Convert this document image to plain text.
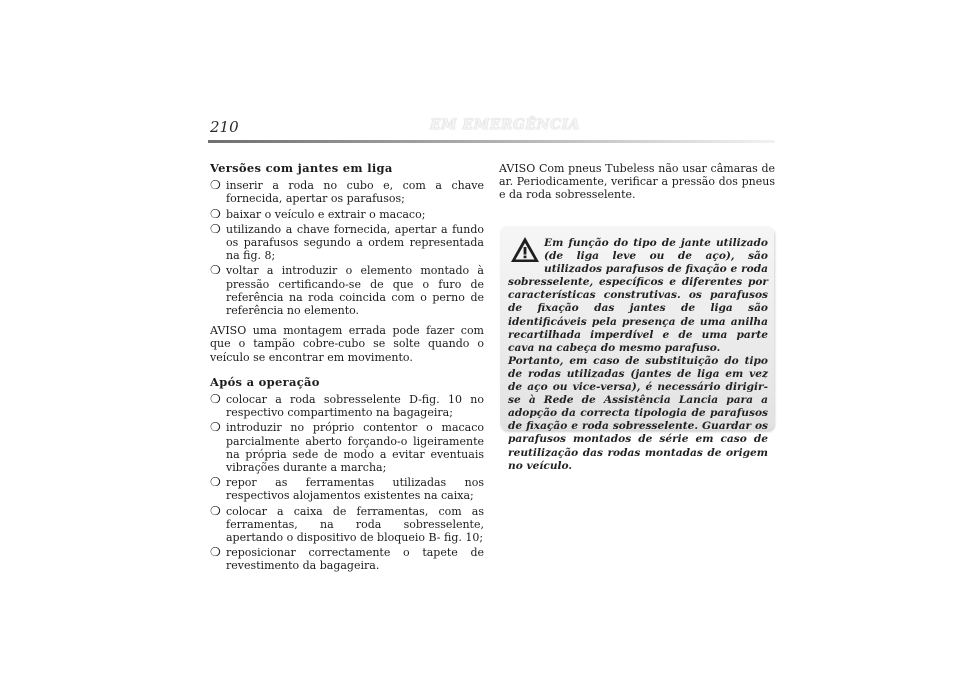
210	EM EMERGÊNCIA
Versões com jantes em liga
❍ inserir a roda no cubo e, com a chave fornecida, apertar os parafusos;
❍ baixar o veículo e extrair o macaco;
❍ utilizando a chave fornecida, apertar a fundo os parafusos segundo a ordem representada na fig. 8;
❍ voltar a introduzir o elemento montado à pressão certificando-se de que o furo de referência na roda coincida com o perno de referência no elemento.

AVISO uma montagem errada pode fazer com que o tampão cobre-cubo se solte quando o veículo se encontrar em movimento.

Após a operação
❍ colocar a roda sobresselente D-fig. 10 no respectivo compartimento na bagageira;
❍ introduzir no próprio contentor o macaco parcialmente aberto forçando-o ligeiramente na própria sede de modo a evitar eventuais vibrações durante a marcha;
❍ repor as ferramentas utilizadas nos respectivos alojamentos existentes na caixa;
❍ colocar a caixa de ferramentas, com as ferramentas, na roda sobresselente, apertando o dispositivo de bloqueio B- fig. 10;
❍ reposicionar correctamente o tapete de revestimento da bagageira.

AVISO Com pneus Tubeless não usar câmaras de ar. Periodicamente, verificar a pressão dos pneus e da roda sobresselente.

Em função do tipo de jante utilizado (de liga leve ou de aço), são utilizados parafusos de fixação e roda sobresselente, específicos e diferentes por características construtivas. os parafusos de fixação das jantes de liga são identificáveis pela presença de uma anilha recartilhada imperdível e de uma parte cava na cabeça do mesmo parafuso.

Portanto, em caso de substituição do tipo de rodas utilizadas (jantes de liga em vez de aço ou vice-versa), é necessário dirigir-se à Rede de Assistência Lancia para a adopção da correcta tipologia de parafusos de fixação e roda sobresselente. Guardar os parafusos montados de série em caso de reutilização das rodas montadas de origem no veículo.
